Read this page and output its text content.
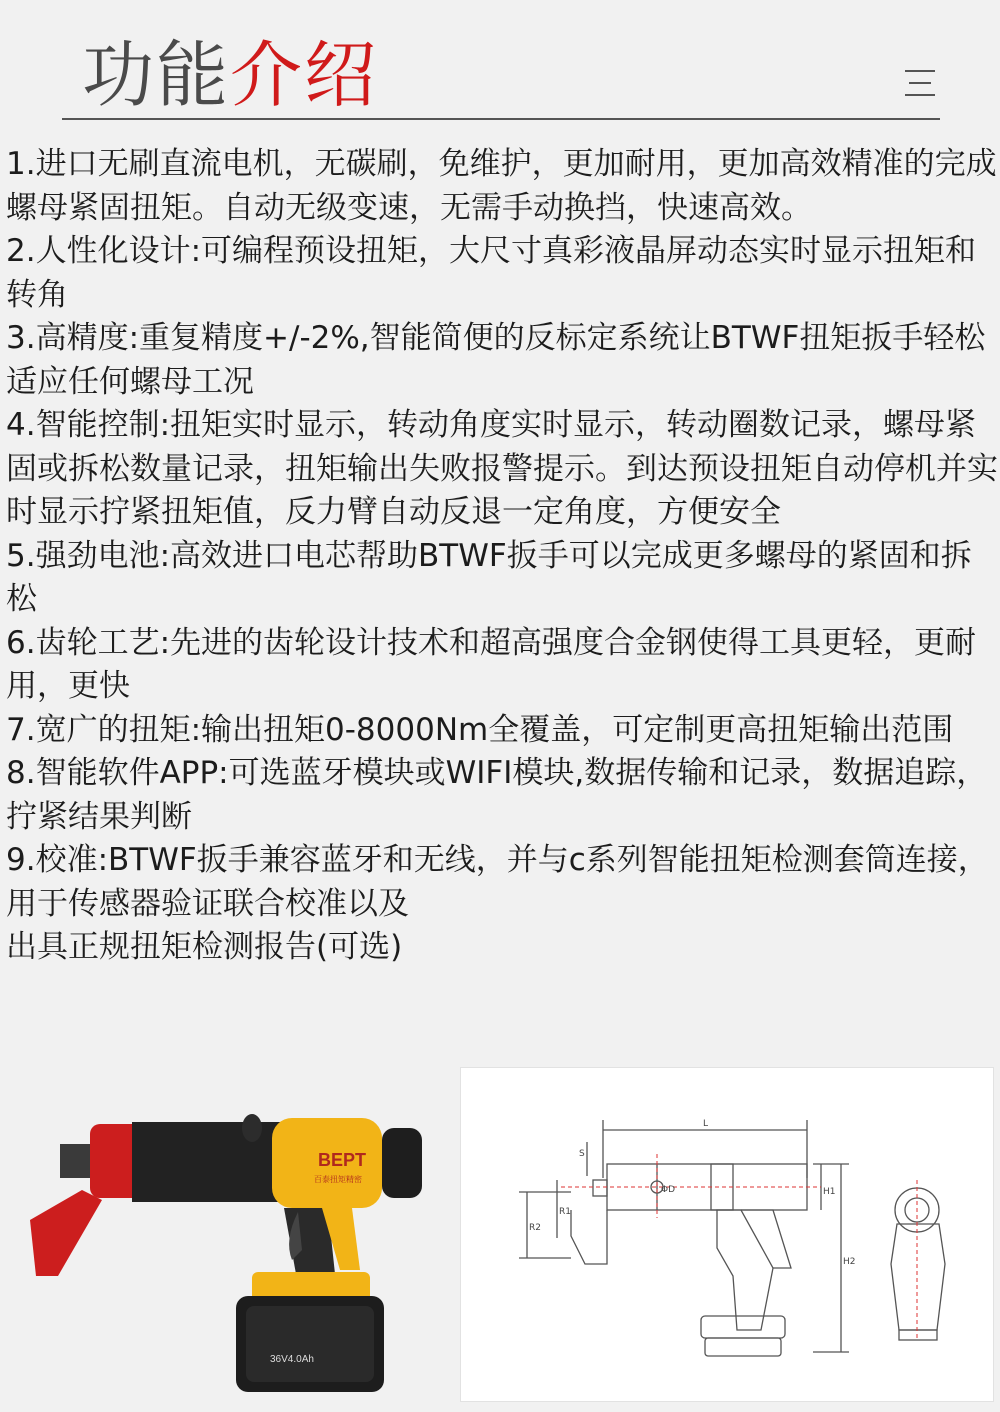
功能介绍

1.进口无刷直流电机，无碳刷，免维护，更加耐用，更加高效精准的完成螺母紧固扭矩。自动无级变速，无需手动换挡，快速高效。

2.人性化设计:可编程预设扭矩，大尺寸真彩液晶屏动态实时显示扭矩和转角

3.高精度:重复精度+/-2%,智能简便的反标定系统让BTWF扭矩扳手轻松适应任何螺母工况

4.智能控制:扭矩实时显示，转动角度实时显示，转动圈数记录，螺母紧固或拆松数量记录，扭矩输出失败报警提示。到达预设扭矩自动停机并实时显示拧紧扭矩值，反力臂自动反退一定角度，方便安全

5.强劲电池:高效进口电芯帮助BTWF扳手可以完成更多螺母的紧固和拆松

6.齿轮工艺:先进的齿轮设计技术和超高强度合金钢使得工具更轻，更耐用，更快

7.宽广的扭矩:输出扭矩0-8000Nm全覆盖，可定制更高扭矩输出范围

8.智能软件APP:可选蓝牙模块或WIFI模块,数据传输和记录，数据追踪，拧紧结果判断

9.校准:BTWF扳手兼容蓝牙和无线，并与c系列智能扭矩检测套筒连接，用于传感器验证联合校准以及

出具正规扭矩检测报告(可选)

BEPT
百泰扭矩精密
36V4.0Ah
L
S
ΦD
R1
R2
H1
H2
